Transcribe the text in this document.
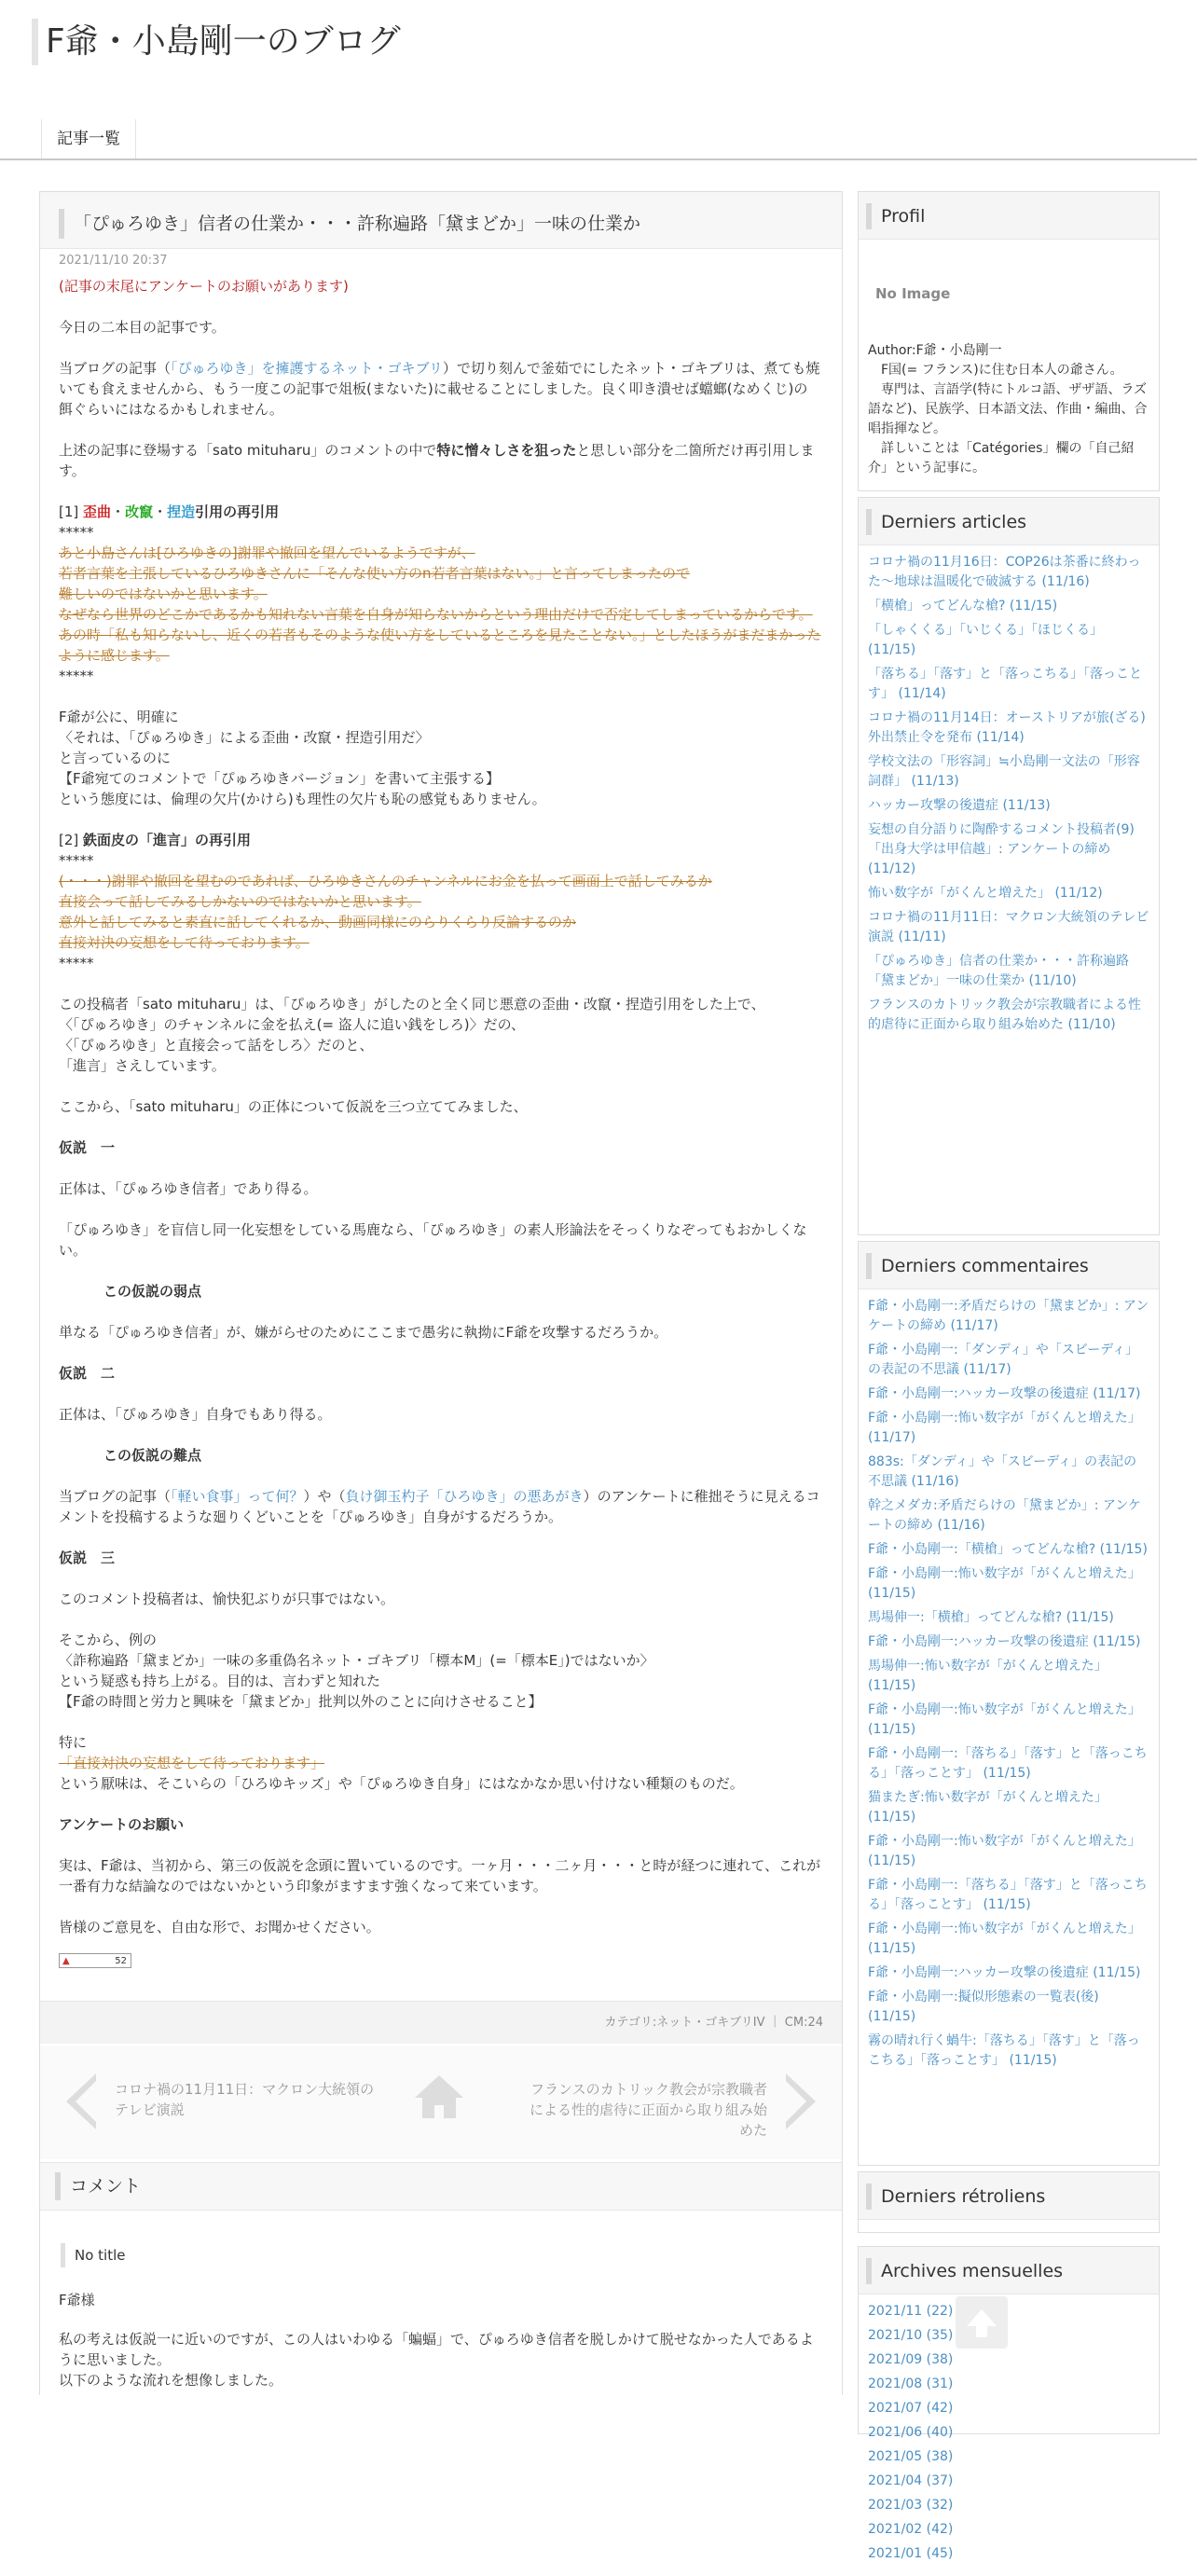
F爺・小島剛一のブログ
記事一覧
「ぴゅろゆき」信者の仕業か・・・許称遍路「黛まどか」一味の仕業か
2021/11/10 20:37

(記事の末尾にアンケートのお願いがあります)

今日の二本目の記事です。

当ブログの記事（「ぴゅろゆき」を擁護するネット・ゴキブリ）で切り刻んで釜茹でにしたネット・ゴキブリは、煮ても焼いても食えませんから、もう一度この記事で俎板(まないた)に載せることにしました。良く叩き潰せば蟷螂(なめくじ)の餌ぐらいにはなるかもしれません。

上述の記事に登場する「sato mituharu」のコメントの中で特に憎々しさを狙ったと思しい部分を二箇所だけ再引用します。

[1] 歪曲・改竄・捏造引用の再引用
*****
あと小島さんは[ひろゆきの]謝罪や撤回を望んでいるようですが、
若者言葉を主張しているひろゆきさんに「そんな使い方のn若者言葉はない。」と言ってしまったので
難しいのではないかと思います。
なぜなら世界のどこかであるかも知れない言葉を自身が知らないからという理由だけで否定してしまっているからです。
あの時「私も知らないし、近くの若者もそのような使い方をしているところを見たことない。」としたほうがまだまかったように感じます。

*****

F爺が公に、明確に
〈それは、「ぴゅろゆき」による歪曲・改竄・捏造引用だ〉
と言っているのに
【F爺宛てのコメントで「ぴゅろゆきバージョン」を書いて主張する】

という態度には、倫理の欠片(かけら)も理性の欠片も恥の感覚もありません。

[2] 鉄面皮の「進言」の再引用
*****
(・・・)謝罪や撤回を望むのであれば、ひろゆきさんのチャンネルにお金を払って画面上で話してみるか
直接会って話してみるしかないのではないかと思います。
意外と話してみると素直に話してくれるか、動画同様にのらりくらり反論するのか
直接対決の妄想をして待っております。

*****

この投稿者「sato mituharu」は、「ぴゅろゆき」がしたのと全く同じ悪意の歪曲・改竄・捏造引用をした上で、
〈「ぴゅろゆき」のチャンネルに金を払え(= 盗人に追い銭をしろ)〉だの、
〈「ぴゅろゆき」と直接会って話をしろ〉だのと、

「進言」さえしています。

ここから、「sato mituharu」の正体について仮説を三つ立ててみました、

仮説　一

正体は、「ぴゅろゆき信者」であり得る。

「ぴゅろゆき」を盲信し同一化妄想をしている馬鹿なら、「ぴゅろゆき」の素人形論法をそっくりなぞってもおかしくない。

この仮説の弱点

単なる「ぴゅろゆき信者」が、嫌がらせのためにここまで愚劣に執拗にF爺を攻撃するだろうか。

仮説　二

正体は、「ぴゅろゆき」自身でもあり得る。

この仮説の難点

当ブログの記事（「軽い食事」って何？）や（負け御玉杓子「ひろゆき」の悪あがき）のアンケートに稚拙そうに見えるコメントを投稿するような廻りくどいことを「ぴゅろゆき」自身がするだろうか。

仮説　三

このコメント投稿者は、愉快犯ぶりが只事ではない。

そこから、例の
〈詐称遍路「黛まどか」一味の多重偽名ネット・ゴキブリ「標本M」(=「標本E」)ではないか〉
という疑惑も持ち上がる。目的は、言わずと知れた

【F爺の時間と労力と興味を「黛まどか」批判以外のことに向けさせること】

特に
「直接対決の妄想をして待っております」

という厭味は、そこいらの「ひろゆキッズ」や「ぴゅろゆき自身」にはなかなか思い付けない種類のものだ。

アンケートのお願い

実は、F爺は、当初から、第三の仮説を念頭に置いているのです。一ヶ月・・・二ヶ月・・・と時が経つに連れて、これが一番有力な結論なのではないかという印象がますます強くなって来ています。

皆様のご意見を、自由な形で、お聞かせください。
▲	52
カテゴリ:ネット・ゴキブリIV ｜ CM:24
コロナ禍の11月11日：マクロン大統領のテレビ演説
フランスのカトリック教会が宗教職者による性的虐待に正面から取り組み始めた
コメント
No title

F爺様

私の考えは仮説一に近いのですが、この人はいわゆる「蝙蝠」で、ぴゅろゆき信者を脱しかけて脱せなかった人であるように思いました。
以下のような流れを想像しました。
Profil
No Image
Author:F爺・小島剛一
　F国(= フランス)に住む日本人の爺さん。
　専門は、言語学(特にトルコ語、ザザ語、ラズ語など)、民族学、日本語文法、作曲・編曲、合唱指揮など。
　詳しいことは「Catégories」欄の「自己紹介」という記事に。
Derniers articles
コロナ禍の11月16日：COP26は茶番に終わった～地球は温暖化で破滅する (11/16)
「横槍」ってどんな槍? (11/15)
「しゃくくる」「いじくる」「ほじくる」 (11/15)
「落ちる」「落す」と「落っこちる」「落っことす」 (11/14)
コロナ禍の11月14日：オーストリアが旅(ざる)外出禁止令を発布 (11/14)
学校文法の「形容詞」≒小島剛一文法の「形容詞群」 (11/13)
ハッカー攻撃の後遺症 (11/13)
妄想の自分語りに陶酔するコメント投稿者(9)「出身大学は甲信越」: アンケートの締め (11/12)
怖い数字が「がくんと増えた」 (11/12)
コロナ禍の11月11日：マクロン大統領のテレビ演説 (11/11)
「ぴゅろゆき」信者の仕業か・・・許称遍路「黛まどか」一味の仕業か (11/10)
フランスのカトリック教会が宗教職者による性的虐待に正面から取り組み始めた (11/10)
Derniers commentaires
F爺・小島剛一:矛盾だらけの「黛まどか」: アンケートの締め (11/17)
F爺・小島剛一:「ダンディ」や「スビーディ」の表記の不思議 (11/17)
F爺・小島剛一:ハッカー攻撃の後遺症 (11/17)
F爺・小島剛一:怖い数字が「がくんと増えた」 (11/17)
883s:「ダンディ」や「スビーディ」の表記の不思議 (11/16)
幹之メダカ:矛盾だらけの「黛まどか」: アンケートの締め (11/16)
F爺・小島剛一:「横槍」ってどんな槍? (11/15)
F爺・小島剛一:怖い数字が「がくんと増えた」 (11/15)
馬場伸一:「横槍」ってどんな槍? (11/15)
F爺・小島剛一:ハッカー攻撃の後遺症 (11/15)
馬場伸一:怖い数字が「がくんと増えた」 (11/15)
F爺・小島剛一:怖い数字が「がくんと増えた」 (11/15)
F爺・小島剛一:「落ちる」「落す」と「落っこちる」「落っことす」 (11/15)
猫またぎ:怖い数字が「がくんと増えた」 (11/15)
F爺・小島剛一:怖い数字が「がくんと増えた」 (11/15)
F爺・小島剛一:「落ちる」「落す」と「落っこちる」「落っことす」 (11/15)
F爺・小島剛一:怖い数字が「がくんと増えた」 (11/15)
F爺・小島剛一:ハッカー攻撃の後遺症 (11/15)
F爺・小島剛一:擬似形態素の一覧表(後) (11/15)
霧の晴れ行く蝸牛:「落ちる」「落す」と「落っこちる」「落っことす」 (11/15)
Derniers rétroliens
Archives mensuelles
2021/11 (22)
2021/10 (35)
2021/09 (38)
2021/08 (31)
2021/07 (42)
2021/06 (40)
2021/05 (38)
2021/04 (37)
2021/03 (32)
2021/02 (42)
2021/01 (45)
